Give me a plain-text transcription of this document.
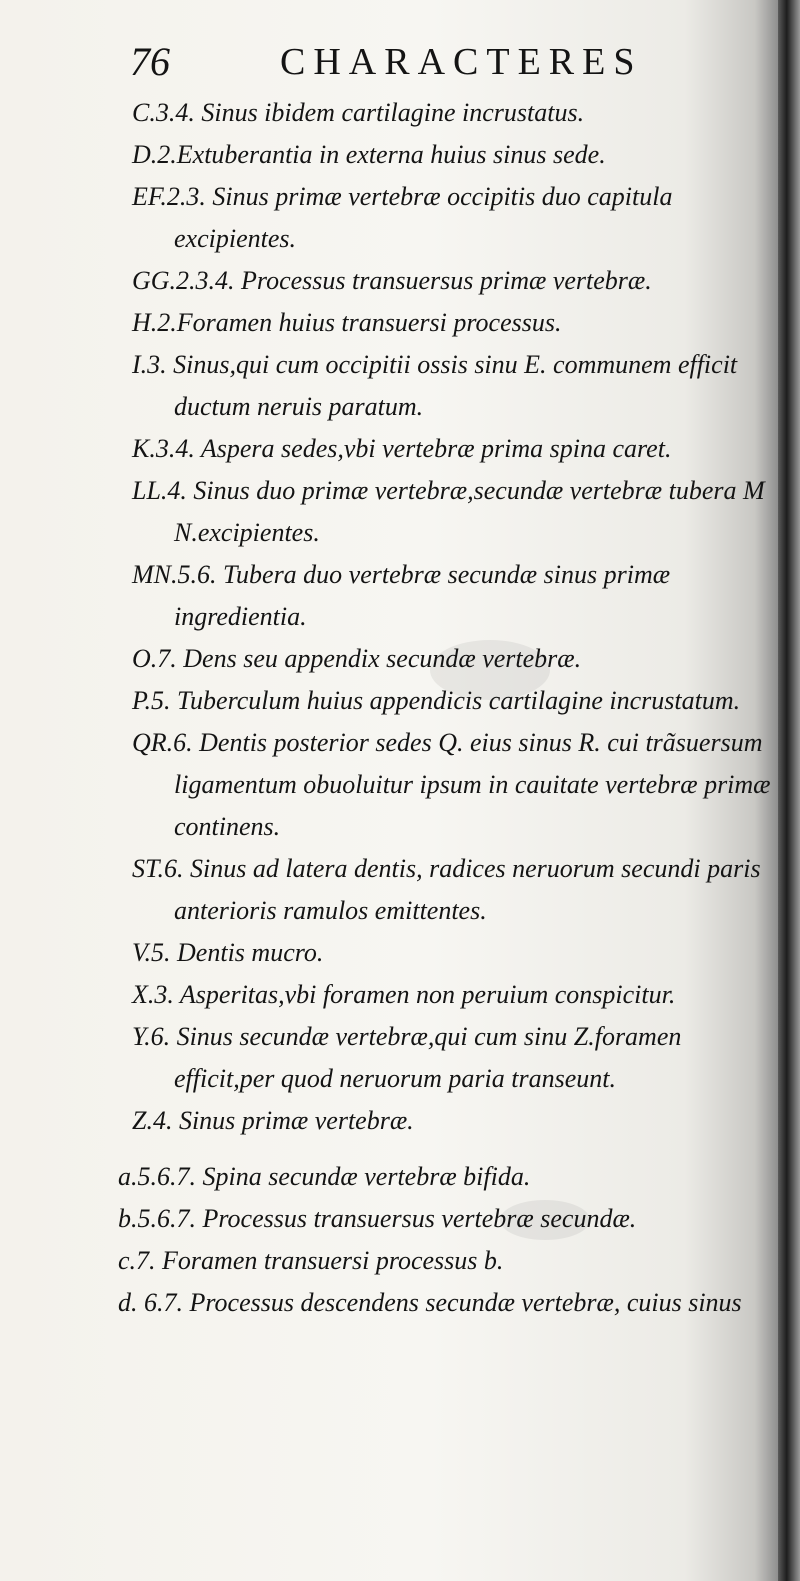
76	CHARACTERES
C.3.4. Sinus ibidem cartilagine incrustatus.
D.2.Extuberantia in externa huius sinus sede.
EF.2.3. Sinus primæ vertebræ occipitis duo capitula excipientes.
GG.2.3.4. Processus transuersus primæ vertebræ.
H.2.Foramen huius transuersi processus.
I.3. Sinus,qui cum occipitii ossis sinu E. communem efficit ductum neruis paratum.
K.3.4. Aspera sedes,vbi vertebræ prima spina caret.
LL.4. Sinus duo primæ vertebræ,secundæ vertebræ tubera M N.excipientes.
MN.5.6. Tubera duo vertebræ secundæ sinus primæ ingredientia.
O.7. Dens seu appendix secundæ vertebræ.
P.5. Tuberculum huius appendicis cartilagine incrustatum.
QR.6. Dentis posterior sedes Q. eius sinus R. cui trãsuersum ligamentum obuoluitur ipsum in cauitate vertebræ primæ continens.
ST.6. Sinus ad latera dentis, radices neruorum secundi paris anterioris ramulos emittentes.
V.5. Dentis mucro.
X.3. Asperitas,vbi foramen non peruium conspicitur.
Y.6. Sinus secundæ vertebræ,qui cum sinu Z.foramen efficit,per quod neruorum paria transeunt.
Z.4. Sinus primæ vertebræ.
a.5.6.7. Spina secundæ vertebræ bifida.
b.5.6.7. Processus transuersus vertebræ secundæ.
c.7. Foramen transuersi processus b.
d. 6.7. Processus descendens secundæ vertebræ, cuius sinus
